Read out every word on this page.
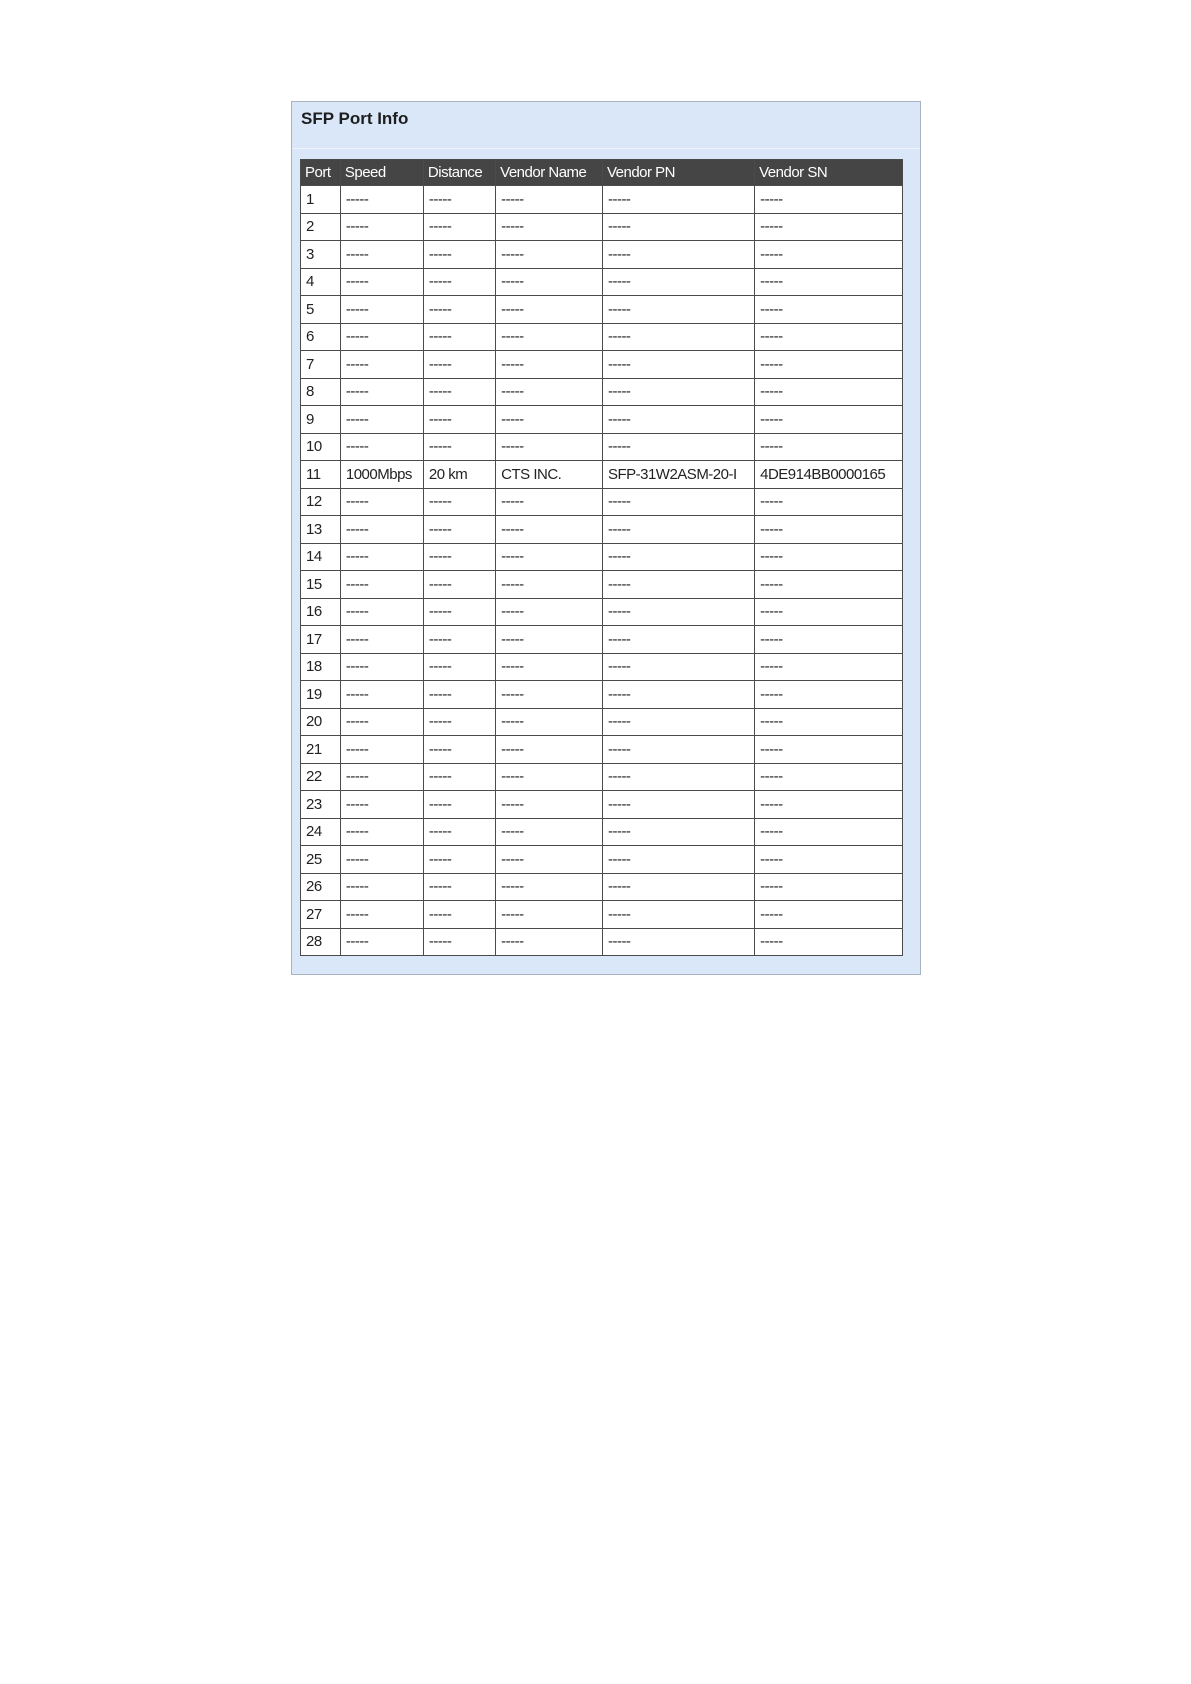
SFP Port Info
Port	Speed	Distance	Vendor Name	Vendor PN	Vendor SN
1	-----	-----	-----	-----	-----
2	-----	-----	-----	-----	-----
3	-----	-----	-----	-----	-----
4	-----	-----	-----	-----	-----
5	-----	-----	-----	-----	-----
6	-----	-----	-----	-----	-----
7	-----	-----	-----	-----	-----
8	-----	-----	-----	-----	-----
9	-----	-----	-----	-----	-----
10	-----	-----	-----	-----	-----
11	1000Mbps	20 km	CTS INC.	SFP-31W2ASM-20-I	4DE914BB0000165
12	-----	-----	-----	-----	-----
13	-----	-----	-----	-----	-----
14	-----	-----	-----	-----	-----
15	-----	-----	-----	-----	-----
16	-----	-----	-----	-----	-----
17	-----	-----	-----	-----	-----
18	-----	-----	-----	-----	-----
19	-----	-----	-----	-----	-----
20	-----	-----	-----	-----	-----
21	-----	-----	-----	-----	-----
22	-----	-----	-----	-----	-----
23	-----	-----	-----	-----	-----
24	-----	-----	-----	-----	-----
25	-----	-----	-----	-----	-----
26	-----	-----	-----	-----	-----
27	-----	-----	-----	-----	-----
28	-----	-----	-----	-----	-----
